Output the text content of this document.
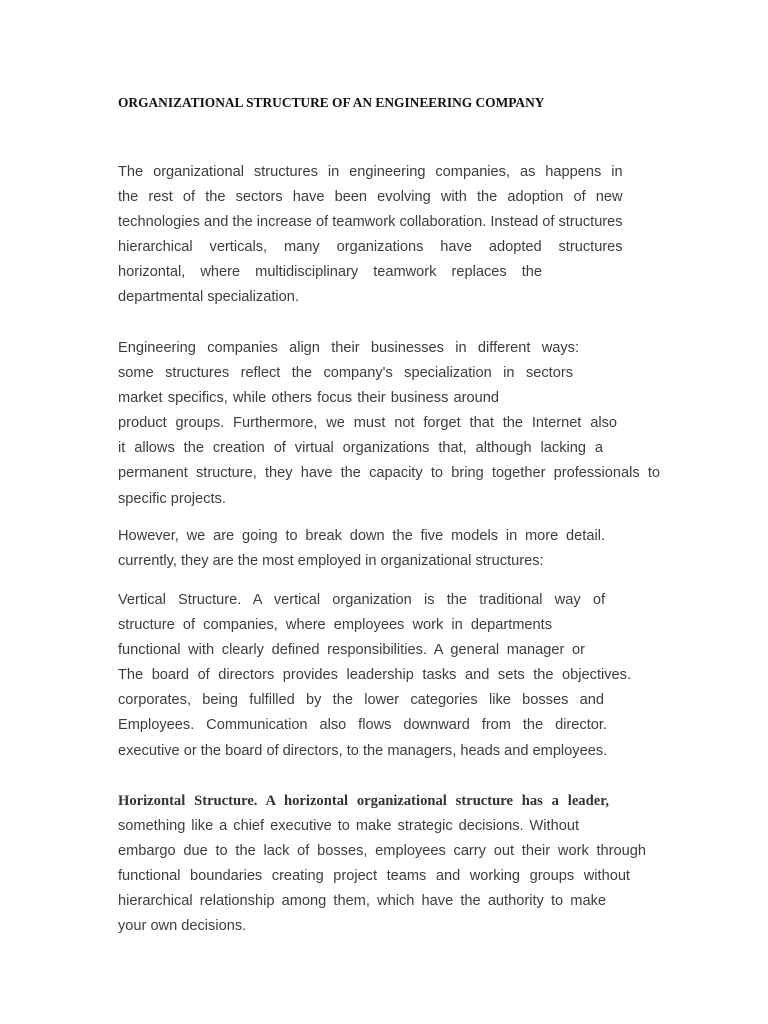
ORGANIZATIONAL STRUCTURE OF AN ENGINEERING COMPANY

The organizational structures in engineering companies, as happens in
the rest of the sectors have been evolving with the adoption of new
technologies and the increase of teamwork collaboration. Instead of structures
hierarchical verticals, many organizations have adopted structures
horizontal, where multidisciplinary teamwork replaces the
departmental specialization.

Engineering companies align their businesses in different ways:
some structures reflect the company's specialization in sectors
market specifics, while others focus their business around
product groups. Furthermore, we must not forget that the Internet also
it allows the creation of virtual organizations that, although lacking a
permanent structure, they have the capacity to bring together professionals to
specific projects.

However, we are going to break down the five models in more detail.
currently, they are the most employed in organizational structures:

Vertical Structure. A vertical organization is the traditional way of
structure of companies, where employees work in departments
functional with clearly defined responsibilities. A general manager or
The board of directors provides leadership tasks and sets the objectives.
corporates, being fulfilled by the lower categories like bosses and
Employees. Communication also flows downward from the director.
executive or the board of directors, to the managers, heads and employees.

Horizontal Structure. A horizontal organizational structure has a leader,
something like a chief executive to make strategic decisions. Without
embargo due to the lack of bosses, employees carry out their work through
functional boundaries creating project teams and working groups without
hierarchical relationship among them, which have the authority to make
your own decisions.
